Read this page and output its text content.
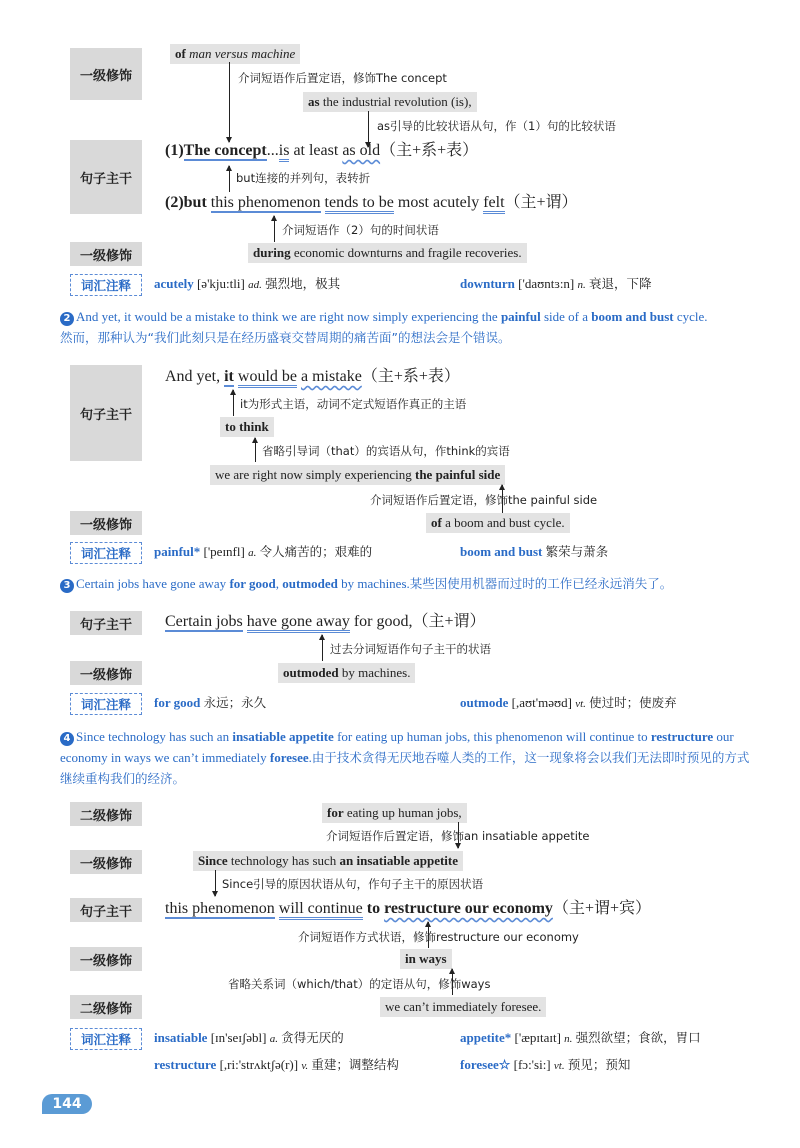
一级修饰
of man versus machine
介词短语作后置定语，修饰The concept
as the industrial revolution (is),
as引导的比较状语从句，作（1）句的比较状语
句子主干
(1)The concept...is at least as old（主+系+表）
but连接的并列句，表转折
(2)but this phenomenon tends to be most acutely felt（主+谓）
介词短语作（2）句的时间状语
一级修饰	during economic downturns and fragile recoveries.
词汇注释	acutely [ə'kju:tli] ad. 强烈地，极其	downturn ['daʊntɜ:n] n. 衰退，下降
2 And yet, it would be a mistake to think we are right now simply experiencing the painful side of a boom and bust cycle.
然而，那种认为“我们此刻只是在经历盛衰交替周期的痛苦面”的想法会是个错误。
句子主干
And yet, it would be a mistake（主+系+表）
it为形式主语，动词不定式短语作真正的主语
to think
省略引导词（that）的宾语从句，作think的宾语
we are right now simply experiencing the painful side
介词短语作后置定语，修饰the painful side
一级修饰	of a boom and bust cycle.
词汇注释	painful* ['peɪnfl] a. 令人痛苦的；艰难的	boom and bust 繁荣与萧条
3 Certain jobs have gone away for good, outmoded by machines.某些因使用机器而过时的工作已经永远消失了。
句子主干	Certain jobs have gone away for good,（主+谓）
过去分词短语作句子主干的状语
一级修饰	outmoded by machines.
词汇注释	for good 永远；永久	outmode [,aʊt'məʊd] vt. 使过时；使废弃
4 Since technology has such an insatiable appetite for eating up human jobs, this phenomenon will continue to restructure our economy in ways we can’t immediately foresee.由于技术贪得无厌地吞噬人类的工作，这一现象将会以我们无法即时预见的方式继续重构我们的经济。
二级修饰	for eating up human jobs,
介词短语作后置定语，修饰an insatiable appetite
一级修饰	Since technology has such an insatiable appetite
Since引导的原因状语从句，作句子主干的原因状语
句子主干	this phenomenon will continue to restructure our economy（主+谓+宾）
介词短语作方式状语，修饰restructure our economy
一级修饰	in ways
省略关系词（which/that）的定语从句，修饰ways
二级修饰	we can’t immediately foresee.
词汇注释	insatiable [ɪn'seɪʃəbl] a. 贪得无厌的	appetite* ['æpɪtaɪt] n. 强烈欲望；食欲，胃口
restructure [,ri:'strʌktʃə(r)] v. 重建；调整结构	foresee☆ [fɔ:'si:] vt. 预见；预知
144
